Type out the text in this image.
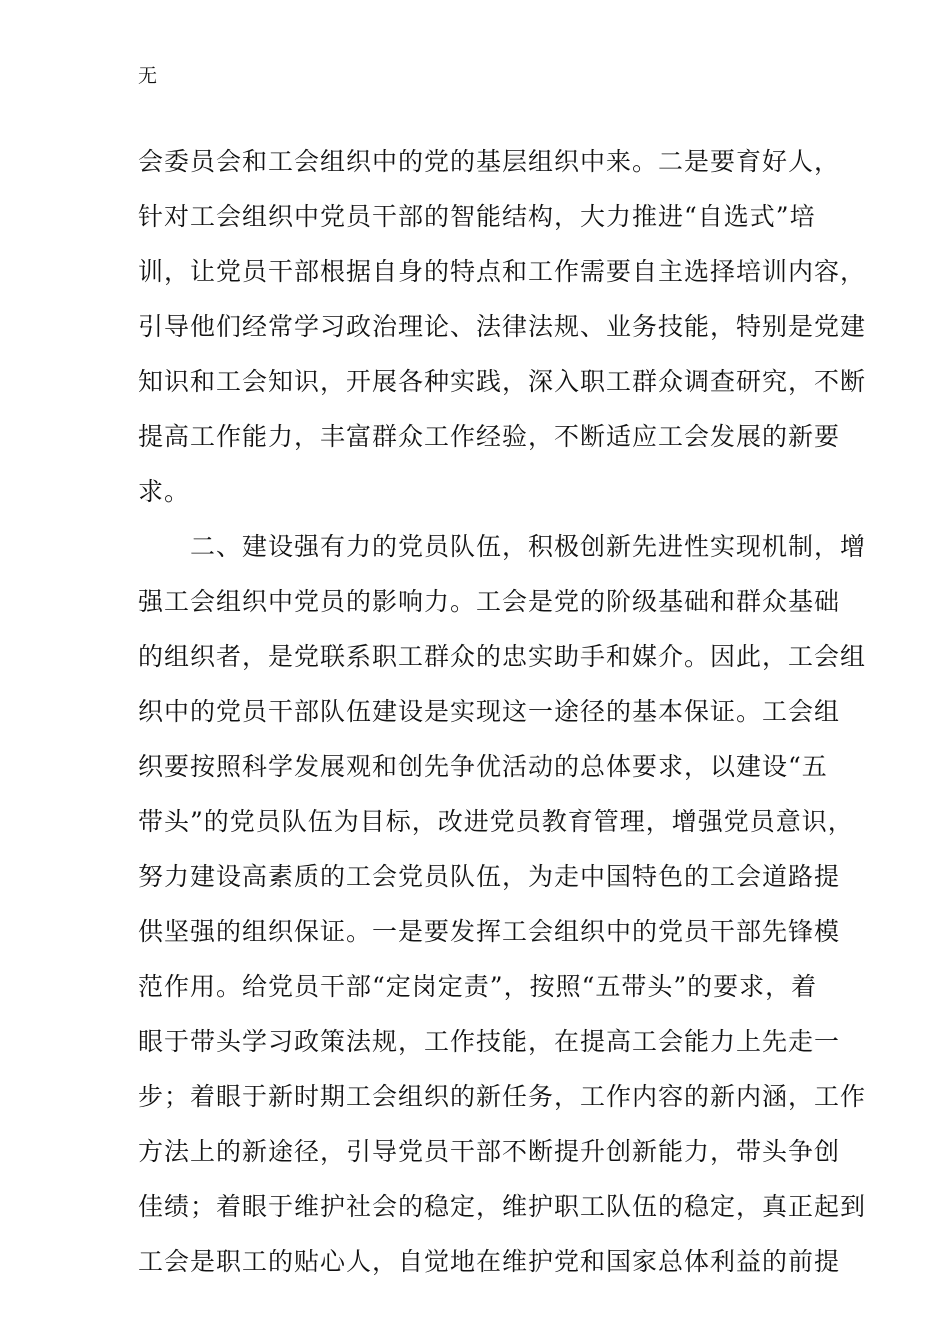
无
会委员会和工会组织中的党的基层组织中来。二是要育好人，
针对工会组织中党员干部的智能结构，大力推进“自选式”培
训，让党员干部根据自身的特点和工作需要自主选择培训内容，
引导他们经常学习政治理论、法律法规、业务技能，特别是党建
知识和工会知识，开展各种实践，深入职工群众调查研究，不断
提高工作能力，丰富群众工作经验，不断适应工会发展的新要
求。
　　二、建设强有力的党员队伍，积极创新先进性实现机制，增
强工会组织中党员的影响力。工会是党的阶级基础和群众基础
的组织者，是党联系职工群众的忠实助手和媒介。因此，工会组
织中的党员干部队伍建设是实现这一途径的基本保证。工会组
织要按照科学发展观和创先争优活动的总体要求，以建设“五
带头”的党员队伍为目标，改进党员教育管理，增强党员意识，
努力建设高素质的工会党员队伍，为走中国特色的工会道路提
供坚强的组织保证。一是要发挥工会组织中的党员干部先锋模
范作用。给党员干部“定岗定责”，按照“五带头”的要求，着
眼于带头学习政策法规，工作技能，在提高工会能力上先走一
步；着眼于新时期工会组织的新任务，工作内容的新内涵，工作
方法上的新途径，引导党员干部不断提升创新能力，带头争创
佳绩；着眼于维护社会的稳定，维护职工队伍的稳定，真正起到
工会是职工的贴心人，自觉地在维护党和国家总体利益的前提
